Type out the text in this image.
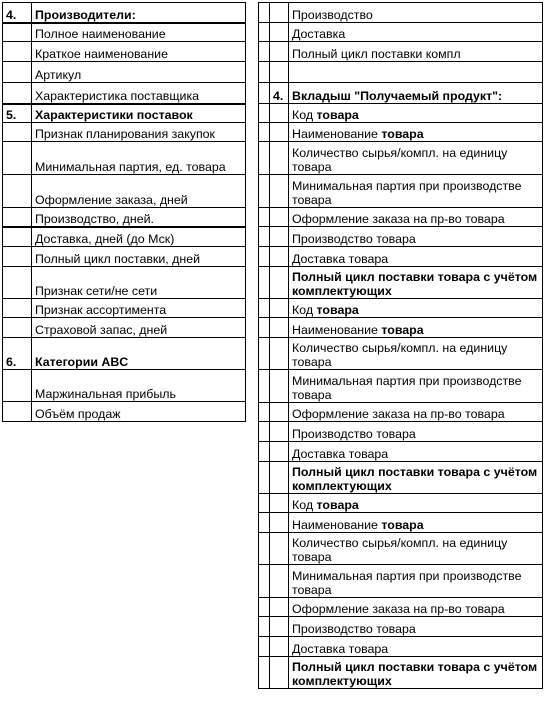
4.	Производители:
	Полное наименование
	Краткое наименование
	Артикул
	Характеристика поставщика
5.	Характеристики поставок
	Признак планирования закупок
	Минимальная партия, ед. товара
	Оформление заказа, дней
	Производство, дней.
	Доставка, дней (до Мск)
	Полный цикл поставки, дней
	Признак сети/не сети
	Признак ассортимента
	Страховой запас, дней
6.	Категории ABC
	Маржинальная прибыль
	Объём продаж
		Производство
		Доставка
		Полный цикл поставки компл

	4.	Вкладыш "Получаемый продукт":
		Код товара
		Наименование товара
		Количество сырья/компл. на единицу товара
		Минимальная партия при производстве товара
		Оформление заказа на пр-во товара
		Производство товара
		Доставка товара
		Полный цикл поставки товара с учётом комплектующих
		Код товара
		Наименование товара
		Количество сырья/компл. на единицу товара
		Минимальная партия при производстве товара
		Оформление заказа на пр-во товара
		Производство товара
		Доставка товара
		Полный цикл поставки товара с учётом комплектующих
		Код товара
		Наименование товара
		Количество сырья/компл. на единицу товара
		Минимальная партия при производстве товара
		Оформление заказа на пр-во товара
		Производство товара
		Доставка товара
		Полный цикл поставки товара с учётом комплектующих
